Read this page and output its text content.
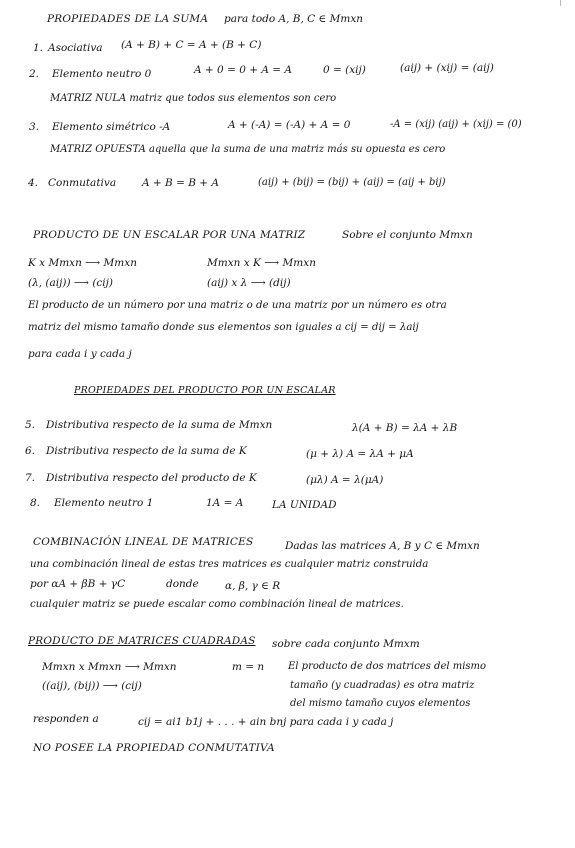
PROPIEDADES DE LA SUMA para todo A, B, C ∈ Mmxn
1. Asociativa (A + B) + C = A + (B + C)
2. Elemento neutro 0	A + 0 = 0 + A = A	0 = (xij)	(aij) + (xij) = (aij)
MATRIZ NULA matriz que todos sus elementos son cero
3. Elemento simétrico -A	A + (-A) = (-A) + A = 0	-A = (xij) (aij) + (xij) = (0)
MATRIZ OPUESTA aquella que la suma de una matriz más su opuesta es cero
4. Conmutativa A + B = B + A	(aij) + (bij) = (bij) + (aij) = (aij + bij)
PRODUCTO DE UN ESCALAR POR UNA MATRIZ	Sobre el conjunto Mmxn
K x Mmxn ⟶ Mmxn	Mmxn x K ⟶ Mmxn
(λ, (aij)) ⟶ (cij)	(aij) x λ ⟶ (dij)
El producto de un número por una matriz o de una matriz por un número es otra
matriz del mismo tamaño donde sus elementos son iguales a cij = dij = λaij
para cada i y cada j
PROPIEDADES DEL PRODUCTO POR UN ESCALAR
5. Distributiva respecto de la suma de Mmxn	λ(A + B) = λA + λB
6. Distributiva respecto de la suma de K	(μ + λ) A = λA + μA
7. Distributiva respecto del producto de K	(μλ) A = λ(μA)
8. Elemento neutro 1	1A = A	LA UNIDAD
COMBINACIÓN LINEAL DE MATRICES	Dadas las matrices A, B y C ∈ Mmxn
una combinación lineal de estas tres matrices es cualquier matriz construida
por αA + βB + γC	donde	α, β, γ ∈ R
cualquier matriz se puede escalar como combinación lineal de matrices.
PRODUCTO DE MATRICES CUADRADAS sobre cada conjunto Mmxm
Mmxn x Mmxn ⟶ Mmxn	m = n
((aij), (bij)) ⟶ (cij)
El producto de dos matrices del mismo
tamaño (y cuadradas) es otra matriz
del mismo tamaño cuyos elementos
responden a	cij = ai1 b1j + . . . + ain bnj para cada i y cada j
NO POSEE LA PROPIEDAD CONMUTATIVA
